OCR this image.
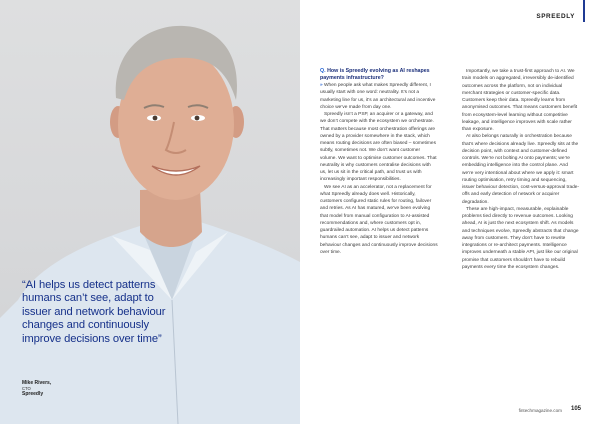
“AI helps us detect patterns humans can’t see, adapt to issuer and network behaviour changes and continuously improve decisions over time”
Mike Rivers,
CTO
Spreedly
SPREEDLY
Q. How is Spreedly evolving as AI reshapes payments infrastructure?

» When people ask what makes Spreedly different, I usually start with one word: neutrality. It’s not a marketing line for us, it’s an architectural and incentive choice we’ve made from day one.

Spreedly isn’t a PSP, an acquirer or a gateway, and we don’t compete with the ecosystem we orchestrate. That matters because most orchestration offerings are owned by a provider somewhere in the stack, which means routing decisions are often biased – sometimes subtly, sometimes not. We don’t want customer volume. We want to optimise customer outcomes. That neutrality is why customers centralise decisions with us, let us sit in the critical path, and trust us with increasingly important responsibilities.

We see AI as an accelerator, not a replacement for what Spreedly already does well. Historically, customers configured static rules for routing, failover and retries. As AI has matured, we’ve been evolving that model from manual configuration to AI-assisted recommendations and, where customers opt in, guardrailed automation. AI helps us detect patterns humans can’t see, adapt to issuer and network behaviour changes and continuously improve decisions over time.

Importantly, we take a trust-first approach to AI. We train models on aggregated, irreversibly de-identified outcomes across the platform, not on individual merchant strategies or customer-specific data. Customers keep their data. Spreedly learns from anonymised outcomes. That means customers benefit from ecosystem-level learning without competitive leakage, and intelligence improves with scale rather than exposure.

AI also belongs naturally in orchestration because that’s where decisions already live. Spreedly sits at the decision point, with context and customer-defined controls. We’re not bolting AI onto payments; we’re embedding intelligence into the control plane. And we’re very intentional about where we apply it: smart routing optimisation, retry timing and sequencing, issuer behaviour detection, cost-versus-approval trade-offs and early detection of network or acquirer degradation.

These are high-impact, measurable, explainable problems tied directly to revenue outcomes. Looking ahead, AI is just the next ecosystem shift. As models and techniques evolve, Spreedly abstracts that change away from customers. They don’t have to rewrite integrations or re-architect payments. Intelligence improves underneath a stable API, just like our original promise that customers shouldn’t have to rebuild payments every time the ecosystem changes.

fintechmagazine.com 105
